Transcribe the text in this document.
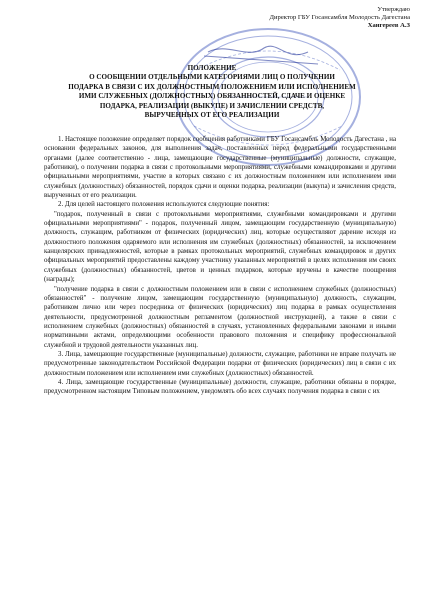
Утверждаю
Директор ГБУ Госансамбля Молодость Дагестана
Хангереев А.З
ПОЛОЖЕНИЕ
О СООБЩЕНИИ ОТДЕЛЬНЫМИ КАТЕГОРИЯМИ ЛИЦ О ПОЛУЧЕНИИ
ПОДАРКА В СВЯЗИ С ИХ ДОЛЖНОСТНЫМ ПОЛОЖЕНИЕМ ИЛИ ИСПОЛНЕНИЕМ
ИМИ СЛУЖЕБНЫХ (ДОЛЖНОСТНЫХ) ОБЯЗАННОСТЕЙ, СДАЧЕ И ОЦЕНКЕ
ПОДАРКА, РЕАЛИЗАЦИИ (ВЫКУПЕ) И ЗАЧИСЛЕНИИ СРЕДСТВ,
ВЫРУЧЕННЫХ ОТ ЕГО РЕАЛИЗАЦИИ

1. Настоящее положение определяет порядок сообщения работниками ГБУ Госансамбль Молодость Дагестана , на основании федеральных законов, для выполнения задач, поставленных перед федеральными государственными органами (далее соответственно - лица, замещающие государственные (муниципальные) должности, служащие, работники), о получении подарка в связи с протокольными мероприятиями, служебными командировками и другими официальными мероприятиями, участие в которых связано с их должностным положением или исполнением ими служебных (должностных) обязанностей, порядок сдачи и оценки подарка, реализации (выкупа) и зачисления средств, вырученных от его реализации.

2. Для целей настоящего положения используются следующие понятия:

"подарок, полученный в связи с протокольными мероприятиями, служебными командировками и другими официальными мероприятиями" - подарок, полученный лицом, замещающим государственную (муниципальную) должность, служащим, работником от физических (юридических) лиц, которые осуществляют дарение исходя из должностного положения одаряемого или исполнения им служебных (должностных) обязанностей, за исключением канцелярских принадлежностей, которые в рамках протокольных мероприятий, служебных командировок и других официальных мероприятий предоставлены каждому участнику указанных мероприятий в целях исполнения им своих служебных (должностных) обязанностей, цветов и ценных подарков, которые вручены в качестве поощрения (награды);

"получение подарка в связи с должностным положением или в связи с исполнением служебных (должностных) обязанностей" - получение лицом, замещающим государственную (муниципальную) должность, служащим, работником лично или через посредника от физических (юридических) лиц подарка в рамках осуществления деятельности, предусмотренной должностным регламентом (должностной инструкцией), а также в связи с исполнением служебных (должностных) обязанностей в случаях, установленных федеральными законами и иными нормативными актами, определяющими особенности правового положения и специфику профессиональной служебной и трудовой деятельности указанных лиц.

3. Лица, замещающие государственные (муниципальные) должности, служащие, работники не вправе получать не предусмотренные законодательством Российской Федерации подарки от физических (юридических) лиц в связи с их должностным положением или исполнением ими служебных (должностных) обязанностей.

4. Лица, замещающие государственные (муниципальные) должности, служащие, работники обязаны в порядке, предусмотренном настоящим Типовым положением, уведомлять обо всех случаях получения подарка в связи с их
